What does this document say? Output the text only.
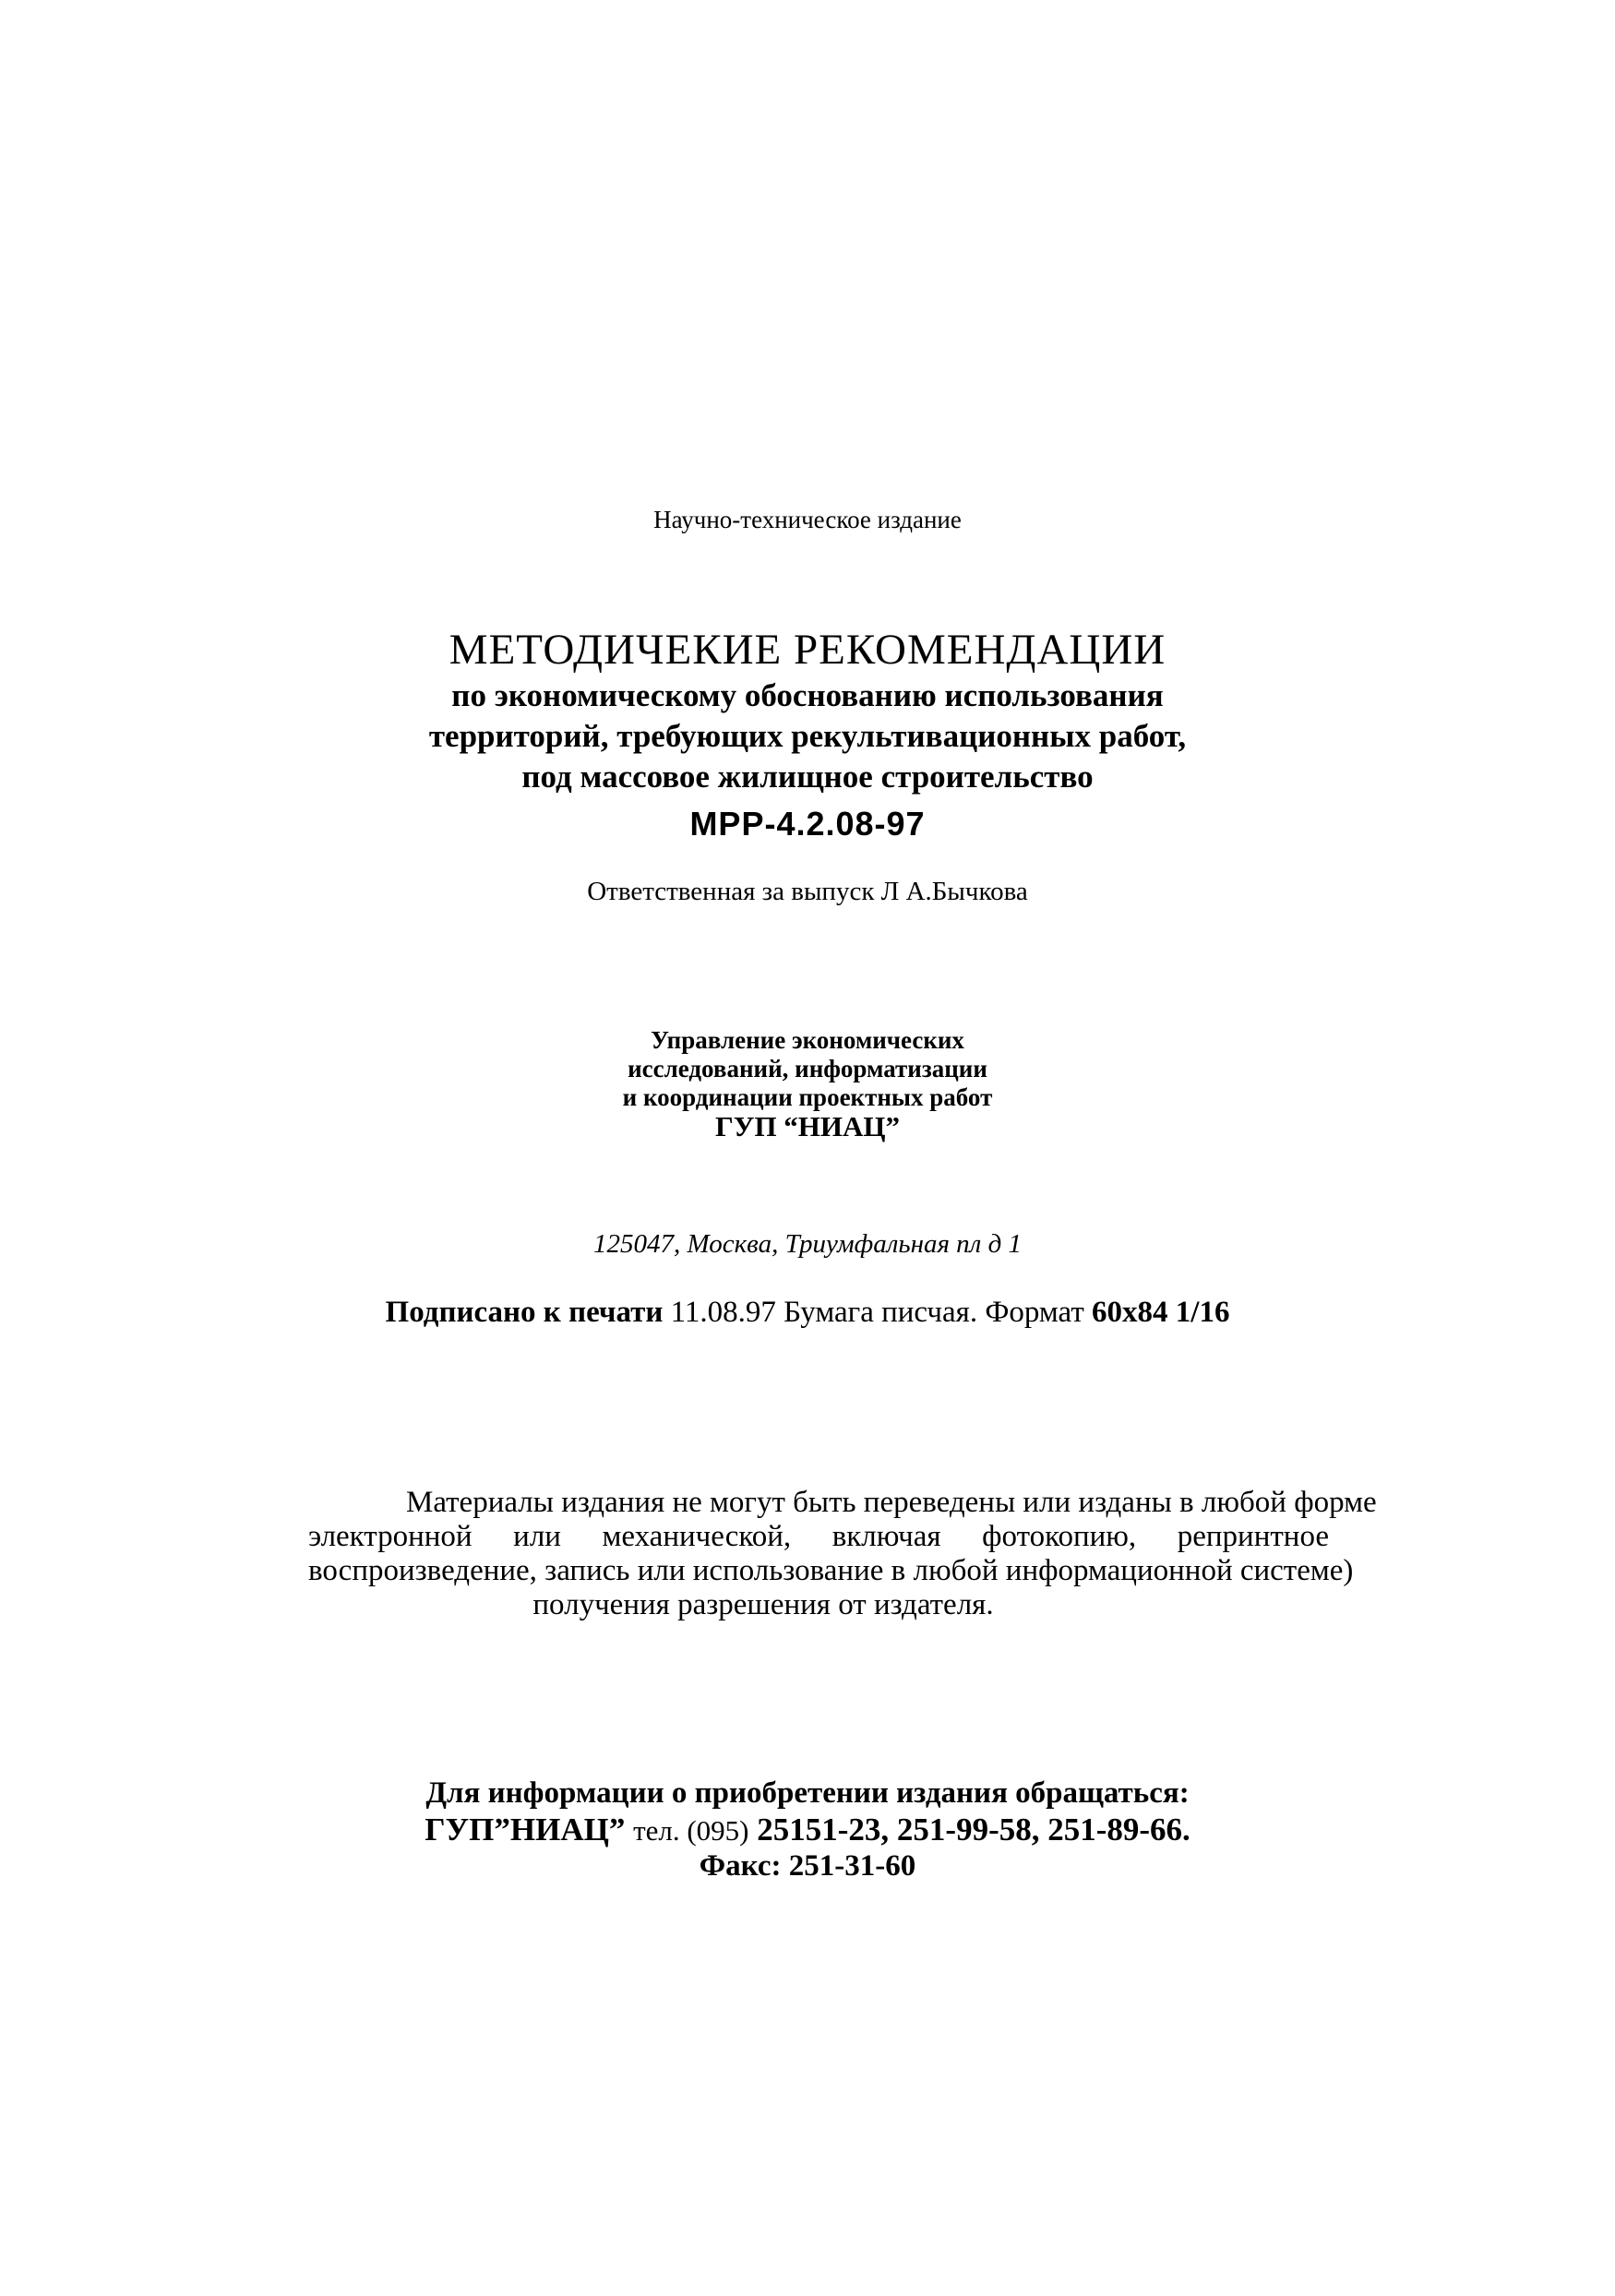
Научно-техническое издание
МЕТОДИЧЕКИЕ РЕКОМЕНДАЦИИ
по экономическому обоснованию использования
территорий, требующих рекультивационных работ,
под массовое жилищное строительство
МРР-4.2.08-97
Ответственная за выпуск Л А.Бычкова
Управление экономических
исследований, информатизации
и координации проектных работ
ГУП “НИАЦ”
125047, Москва, Триумфальная пл д 1
Подписано к печати 11.08.97 Бумага писчая. Формат 60x84 1/16
Материалы издания не могут быть переведены или изданы в любой форме
электронной или механической, включая фотокопию, репринтное
воспроизведение, запись или использование в любой информационной системе)
получения разрешения от издателя.
Для информации о приобретении издания обращаться:
ГУП”НИАЦ” тел. (095) 25151-23, 251-99-58, 251-89-66.
Факс: 251-31-60
